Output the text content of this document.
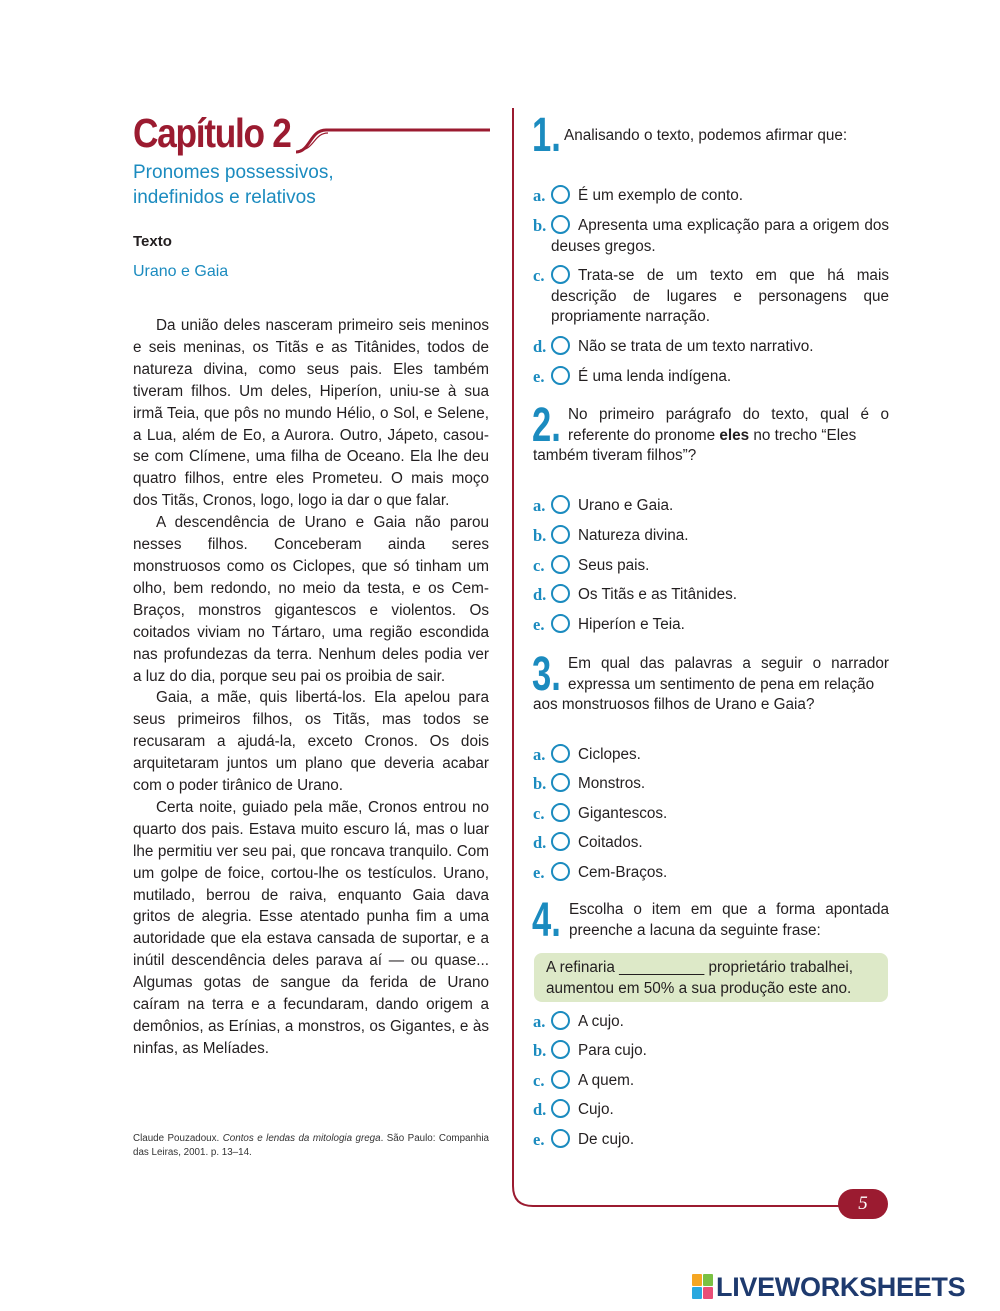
Capítulo 2
Pronomes possessivos,
indefinidos e relativos
Texto
Urano e Gaia

Da união deles nasceram primeiro seis meninos e seis meninas, os Titãs e as Titânides, todos de natureza divina, como seus pais. Eles também tiveram filhos. Um deles, Hiperíon, uniu-se à sua irmã Teia, que pôs no mundo Hélio, o Sol, e Selene, a Lua, além de Eo, a Aurora. Outro, Jápeto, casou-se com Clímene, uma filha de Oceano. Ela lhe deu quatro filhos, entre eles Prometeu. O mais moço dos Titãs, Cronos, logo, logo ia dar o que falar.

A descendência de Urano e Gaia não parou nesses filhos. Conceberam ainda seres monstruosos como os Ciclopes, que só tinham um olho, bem redondo, no meio da testa, e os Cem-Braços, monstros gigantescos e violentos. Os coitados viviam no Tártaro, uma região escondida nas profundezas da terra. Nenhum deles podia ver a luz do dia, porque seu pai os proibia de sair.

Gaia, a mãe, quis libertá-los. Ela apelou para seus primeiros filhos, os Titãs, mas todos se recusaram a ajudá-la, exceto Cronos. Os dois arquitetaram juntos um plano que deveria acabar com o poder tirânico de Urano.

Certa noite, guiado pela mãe, Cronos entrou no quarto dos pais. Estava muito escuro lá, mas o luar lhe permitiu ver seu pai, que roncava tranquilo. Com um golpe de foice, cortou-lhe os testículos. Urano, mutilado, berrou de raiva, enquanto Gaia dava gritos de alegria. Esse atentado punha fim a uma autoridade que ela estava cansada de suportar, e a inútil descendência deles parava aí — ou quase... Algumas gotas de sangue da ferida de Urano caíram na terra e a fecundaram, dando origem a demônios, as Erínias, a monstros, os Gigantes, e às ninfas, as Melíades.

Claude Pouzadoux. Contos e lendas da mitologia grega. São Paulo: Companhia das Leiras, 2001. p. 13–14.

1. Analisando o texto, podemos afirmar que:

a.	É um exemplo de conto.
b.	Apresenta uma explicação para a origem dos deuses gregos.
c.	Trata-se de um texto em que há mais descrição de lugares e personagens que propriamente narração.
d.	Não se trata de um texto narrativo.
e.	É uma lenda indígena.

2. No primeiro parágrafo do texto, qual é o referente do pronome eles no trecho “Eles

também tiveram filhos”?

a.	Urano e Gaia.
b.	Natureza divina.
c.	Seus pais.
d.	Os Titãs e as Titânides.
e.	Hiperíon e Teia.

3. Em qual das palavras a seguir o narrador expressa um sentimento de pena em relação

aos monstruosos filhos de Urano e Gaia?

a.	Ciclopes.
b.	Monstros.
c.	Gigantescos.
d.	Coitados.
e.	Cem-Braços.

4. Escolha o item em que a forma apontada preenche a lacuna da seguinte frase:

A refinaria __________ proprietário trabalhei, aumentou em 50% a sua produção este ano.
a.	A cujo.
b.	Para cujo.
c.	A quem.
d.	Cujo.
e.	De cujo.
5

LIVEWORKSHEETS
